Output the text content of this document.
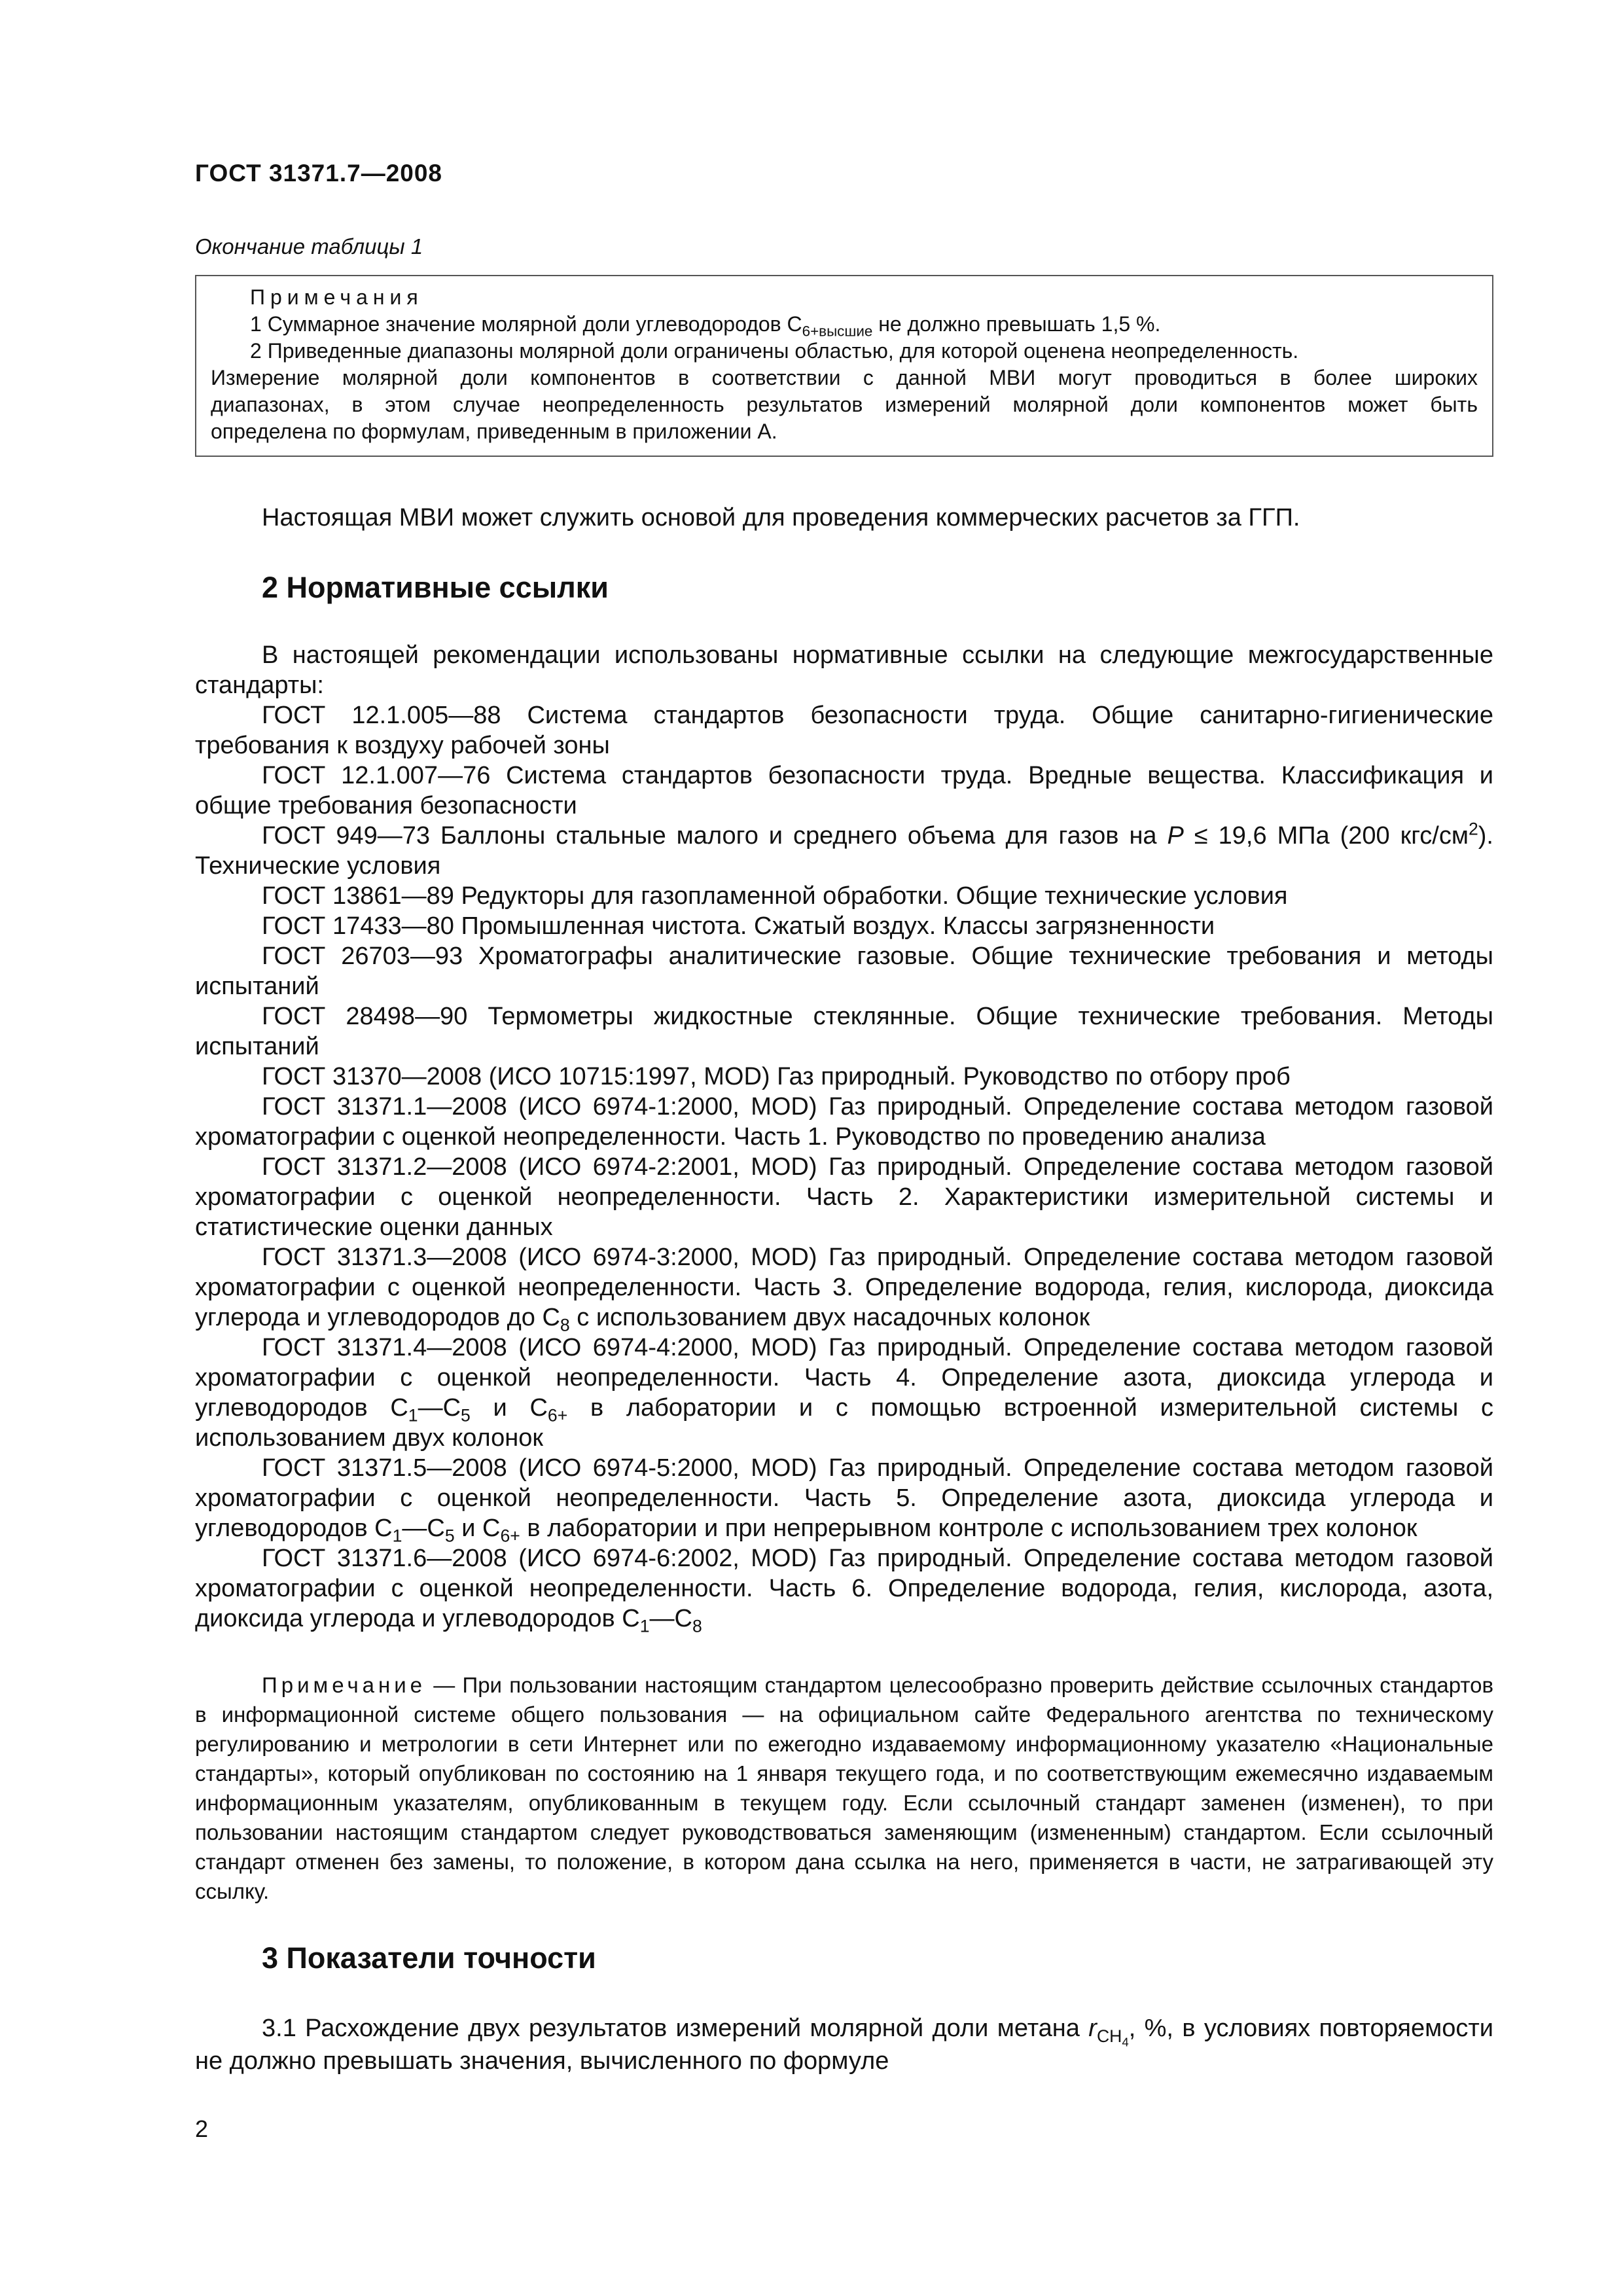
ГОСТ 31371.7—2008
Окончание таблицы 1

Примечания

1 Суммарное значение молярной доли углеводородов $С_{6+высшие}$ не должно превышать 1,5 %.

2 Приведенные диапазоны молярной доли ограничены областью, для которой оценена неопределенность.

Измерение молярной доли компонентов в соответствии с данной МВИ могут проводиться в более широких

диапазонах, в этом случае неопределенность результатов измерений молярной доли компонентов может быть

определена по формулам, приведенным в приложении А.

Настоящая МВИ может служить основой для проведения коммерческих расчетов за ГГП.

2 Нормативные ссылки

В настоящей рекомендации использованы нормативные ссылки на следующие межгосударственные стандарты:

ГОСТ 12.1.005—88 Система стандартов безопасности труда. Общие санитарно-гигиенические требования к воздуху рабочей зоны

ГОСТ 12.1.007—76 Система стандартов безопасности труда. Вредные вещества. Классификация и общие требования безопасности

ГОСТ 949—73 Баллоны стальные малого и среднего объема для газов на P ≤ 19,6 МПа (200 кгс/$см^2$). Технические условия

ГОСТ 13861—89 Редукторы для газопламенной обработки. Общие технические условия

ГОСТ 17433—80 Промышленная чистота. Сжатый воздух. Классы загрязненности

ГОСТ 26703—93 Хроматографы аналитические газовые. Общие технические требования и методы испытаний

ГОСТ 28498—90 Термометры жидкостные стеклянные. Общие технические требования. Методы испытаний

ГОСТ 31370—2008 (ИСО 10715:1997, MOD) Газ природный. Руководство по отбору проб

ГОСТ 31371.1—2008 (ИСО 6974-1:2000, MOD) Газ природный. Определение состава методом газовой хроматографии с оценкой неопределенности. Часть 1. Руководство по проведению анализа

ГОСТ 31371.2—2008 (ИСО 6974-2:2001, MOD) Газ природный. Определение состава методом газовой хроматографии с оценкой неопределенности. Часть 2. Характеристики измерительной системы и статистические оценки данных

ГОСТ 31371.3—2008 (ИСО 6974-3:2000, MOD) Газ природный. Определение состава методом газовой хроматографии с оценкой неопределенности. Часть 3. Определение водорода, гелия, кислорода, диоксида углерода и углеводородов до $С_8$ с использованием двух насадочных колонок

ГОСТ 31371.4—2008 (ИСО 6974-4:2000, MOD) Газ природный. Определение состава методом газовой хроматографии с оценкой неопределенности. Часть 4. Определение азота, диоксида углерода и углеводородов $С_1—С_5$ и $С_{6+}$ в лаборатории и с помощью встроенной измерительной системы с использованием двух колонок

ГОСТ 31371.5—2008 (ИСО 6974-5:2000, MOD) Газ природный. Определение состава методом газовой хроматографии с оценкой неопределенности. Часть 5. Определение азота, диоксида углерода и углеводородов $С_1—С_5$ и $С_{6+}$ в лаборатории и при непрерывном контроле с использованием трех колонок

ГОСТ 31371.6—2008 (ИСО 6974-6:2002, MOD) Газ природный. Определение состава методом газовой хроматографии с оценкой неопределенности. Часть 6. Определение водорода, гелия, кислорода, азота, диоксида углерода и углеводородов $С_1—С_8$

Примечание — При пользовании настоящим стандартом целесообразно проверить действие ссылочных стандартов в информационной системе общего пользования — на официальном сайте Федерального агентства по техническому регулированию и метрологии в сети Интернет или по ежегодно издаваемому информационному указателю «Национальные стандарты», который опубликован по состоянию на 1 января текущего года, и по соответствующим ежемесячно издаваемым информационным указателям, опубликованным в текущем году. Если ссылочный стандарт заменен (изменен), то при пользовании настоящим стандартом следует руководствоваться заменяющим (измененным) стандартом. Если ссылочный стандарт отменен без замены, то положение, в котором дана ссылка на него, применяется в части, не затрагивающей эту ссылку.

3 Показатели точности

3.1 Расхождение двух результатов измерений молярной доли метана $r_{CH_4}$, %, в условиях повторяемости не должно превышать значения, вычисленного по формуле

2
